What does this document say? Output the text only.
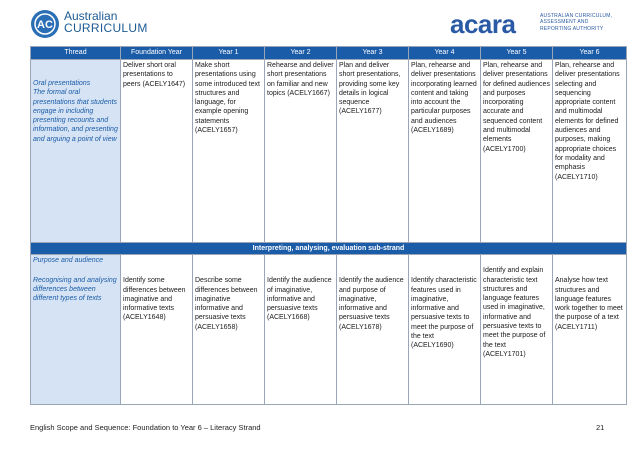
AC
Australian
CURRICULUM	acara	AUSTRALIAN CURRICULUM,
ASSESSMENT AND
REPORTING AUTHORITY
Thread	Foundation Year	Year 1	Year 2	Year 3	Year 4	Year 5	Year 6

Oral presentations
The formal oral presentations that students engage in including presenting recounts and information, and presenting and arguing a point of view	Deliver short oral presentations to peers (ACELY1647)	Make short presentations using some introduced text structures and language, for example opening statements (ACELY1657)	Rehearse and deliver short presentations on familiar and new topics (ACELY1667)	Plan and deliver short presentations, providing some key details in logical sequence (ACELY1677)	Plan, rehearse and deliver presentations incorporating learned content and taking into account the particular purposes and audiences (ACELY1689)	Plan, rehearse and deliver presentations for defined audiences and purposes incorporating accurate and sequenced content and multimodal elements (ACELY1700)	Plan, rehearse and deliver presentations selecting and sequencing appropriate content and multimodal elements for defined audiences and purposes, making appropriate choices for modality and emphasis (ACELY1710)
Interpreting, analysing, evaluation sub-strand							

Purpose and audience
Recognising and analysing differences between different types of texts	Identify some differences between imaginative and informative texts (ACELY1648)	Describe some differences between imaginative informative and persuasive texts (ACELY1658)	Identify the audience of imaginative, informative and persuasive texts (ACELY1668)	Identify the audience and purpose of imaginative, informative and persuasive texts (ACELY1678)	Identify characteristic features used in imaginative, informative and persuasive texts to meet the purpose of the text (ACELY1690)	Identify and explain characteristic text structures and language features used in imaginative, informative and persuasive texts to meet the purpose of the text (ACELY1701)	Analyse how text structures and language features work together to meet the purpose of a text (ACELY1711)
English Scope and Sequence: Foundation to Year 6 – Literacy Strand	21
